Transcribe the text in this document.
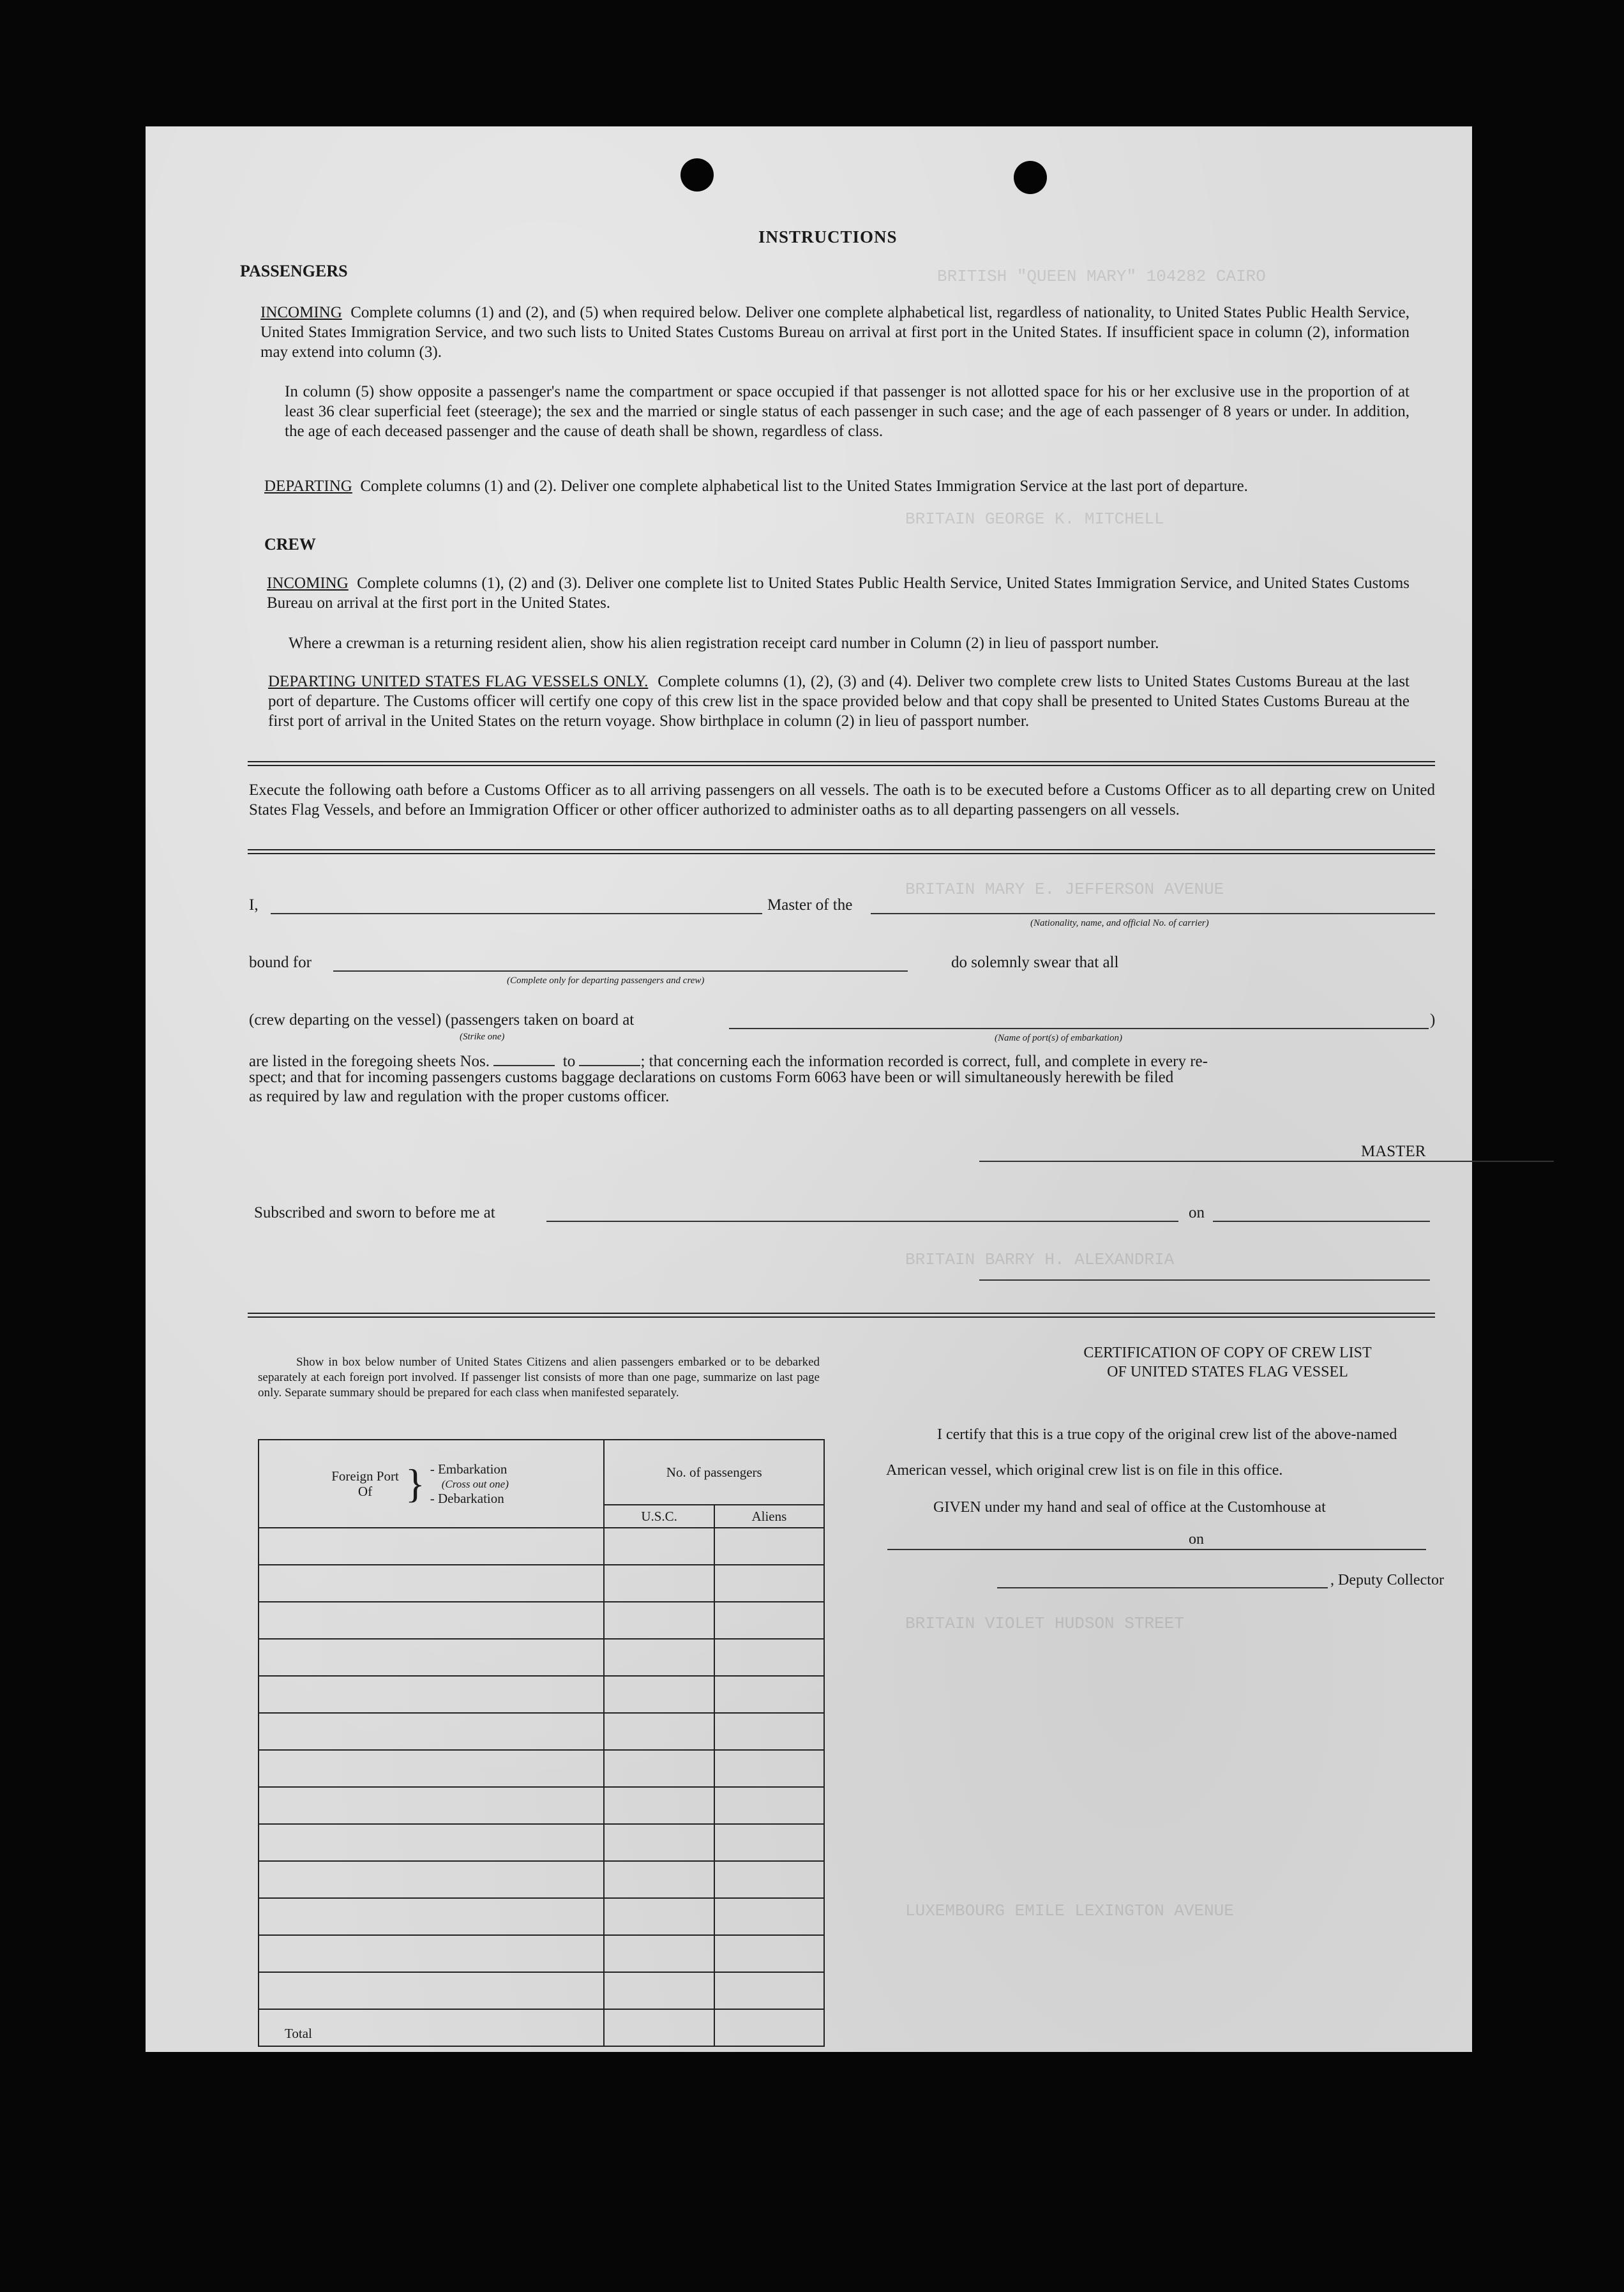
BRITISH "QUEEN MARY" 104282 CAIRO
BRITAIN GEORGE K. MITCHELL
BRITAIN MARY E. JEFFERSON AVENUE
BRITAIN BARRY H. ALEXANDRIA
BRITAIN VIOLET HUDSON STREET
LUXEMBOURG EMILE LEXINGTON AVENUE
INSTRUCTIONS
PASSENGERS
INCOMING Complete columns (1) and (2), and (5) when required below. Deliver one complete alphabetical list, regardless of nationality, to United States Public Health Service, United States Immigration Service, and two such lists to United States Customs Bureau on arrival at first port in the United States. If insufficient space in column (2), information may extend into column (3).
In column (5) show opposite a passenger's name the compartment or space occupied if that passenger is not allotted space for his or her exclusive use in the proportion of at least 36 clear superficial feet (steerage); the sex and the married or single status of each passenger in such case; and the age of each passenger of 8 years or under. In addition, the age of each deceased passenger and the cause of death shall be shown, regardless of class.
DEPARTING Complete columns (1) and (2). Deliver one complete alphabetical list to the United States Immigration Service at the last port of departure.
CREW
INCOMING Complete columns (1), (2) and (3). Deliver one complete list to United States Public Health Service, United States Immigration Service, and United States Customs Bureau on arrival at the first port in the United States.
Where a crewman is a returning resident alien, show his alien registration receipt card number in Column (2) in lieu of passport number.
DEPARTING UNITED STATES FLAG VESSELS ONLY. Complete columns (1), (2), (3) and (4). Deliver two complete crew lists to United States Customs Bureau at the last port of departure. The Customs officer will certify one copy of this crew list in the space provided below and that copy shall be presented to United States Customs Bureau at the first port of arrival in the United States on the return voyage. Show birthplace in column (2) in lieu of passport number.
Execute the following oath before a Customs Officer as to all arriving passengers on all vessels. The oath is to be executed before a Customs Officer as to all departing crew on United States Flag Vessels, and before an Immigration Officer or other officer authorized to administer oaths as to all departing passengers on all vessels.
I,	Master of the
(Nationality, name, and official No. of carrier)
bound for
(Complete only for departing passengers and crew)
do solemnly swear that all
(crew departing on the vessel) (passengers taken on board at
(Strike one)	(Name of port(s) of embarkation)
)
are listed in the foregoing sheets Nos.	to	; that concerning each the information recorded is correct, full, and complete in every re-
spect; and that for incoming passengers customs baggage declarations on customs Form 6063 have been or will simultaneously herewith be filed
as required by law and regulation with the proper customs officer.
MASTER
Subscribed and sworn to before me at	on
Show in box below number of United States Citizens and alien passengers embarked or to be debarked separately at each foreign port involved. If passenger list consists of more than one page, summarize on last page only. Separate summary should be prepared for each class when manifested separately.
Foreign Port Of } - Embarkation
(Cross out one)
- Debarkation	No. of passengers	
	U.S.C.	Aliens

Total		
CERTIFICATION OF COPY OF CREW LIST
OF UNITED STATES FLAG VESSEL
I certify that this is a true copy of the original crew list of the above-named
American vessel, which original crew list is on file in this office.
GIVEN under my hand and seal of office at the Customhouse at
on
, Deputy Collector
